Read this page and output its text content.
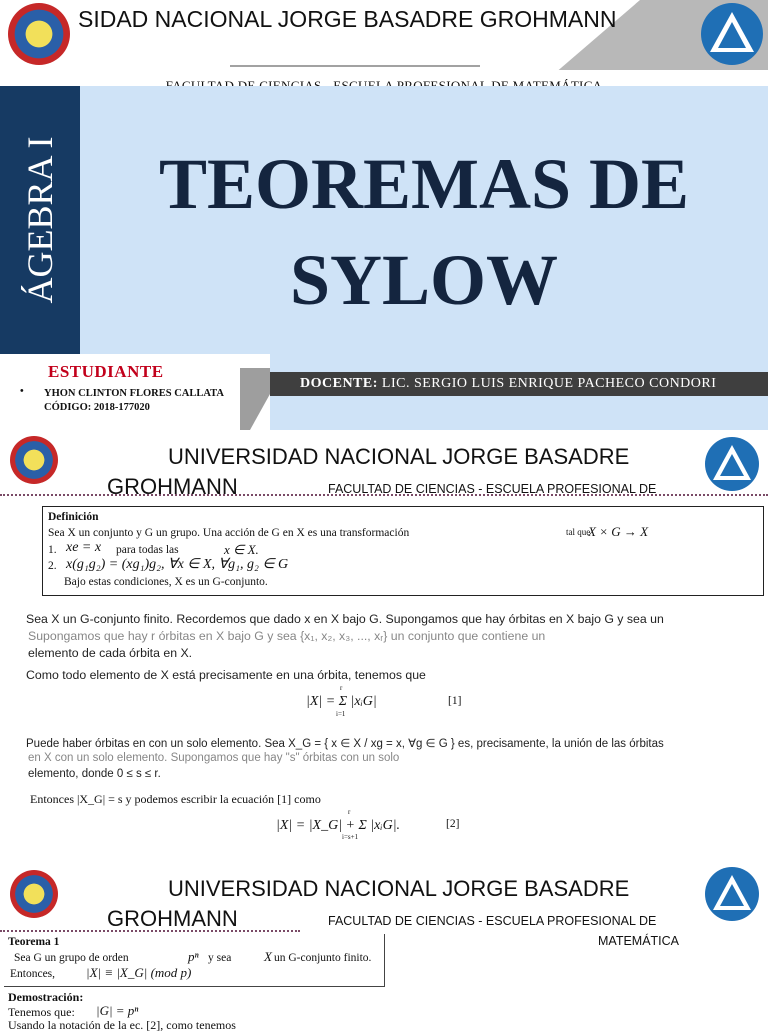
SIDAD NACIONAL JORGE BASADRE GROHMANN
ÁGEBRA I	TEOREMAS DE
SYLOW
ESTUDIANTE
• YHON CLINTON FLORES CALLATA
CÓDIGO: 2018-177020
DOCENTE: LIC. SERGIO LUIS ENRIQUE PACHECO CONDORI
UNIVERSIDAD NACIONAL JORGE BASADRE
GROHMANN	FACULTAD DE CIENCIAS - ESCUELA PROFESIONAL DE
Definición
Sea X un conjunto y G un grupo. Una acción de G en X es una transformación	tal que
X × G → X
1. xe = x para todas las	x ∈ X.
2. x(g₁g₂) = (xg₁)g₂, ∀x ∈ X, ∀g₁, g₂ ∈ G
Bajo estas condiciones, X es un G-conjunto.
Sea X un G-conjunto finito. Recordemos que dado x en X bajo G. Supongamos que hay órbitas en X bajo G y sea un
Supongamos que hay r órbitas en X bajo G y sea {x₁, x₂, x₃, ..., xᵣ} un conjunto que contiene un
elemento de cada órbita en X.
Como todo elemento de X está precisamente en una órbita, tenemos que
|X| = Σ |xᵢG|
r
i=1
[1]
Puede haber órbitas en con un solo elemento. Sea X_G = { x ∈ X / xg = x, ∀g ∈ G } es, precisamente, la unión de las órbitas
en X con un solo elemento. Supongamos que hay "s" órbitas con un solo
elemento, donde 0 ≤ s ≤ r.
Entonces |X_G| = s y podemos escribir la ecuación [1] como
|X| = |X_G| + Σ |xᵢG|.
r
i=s+1
[2]
UNIVERSIDAD NACIONAL JORGE BASADRE
GROHMANN	FACULTAD DE CIENCIAS - ESCUELA PROFESIONAL DE
MATEMÁTICA
Teorema 1
Sea G un grupo de orden	pⁿ y sea	X un G-conjunto finito.
Entonces, |X| ≡ |X_G| (mod p)
Demostración:
Tenemos que: |G| = pⁿ
Usando la notación de la ec. [2], como tenemos
